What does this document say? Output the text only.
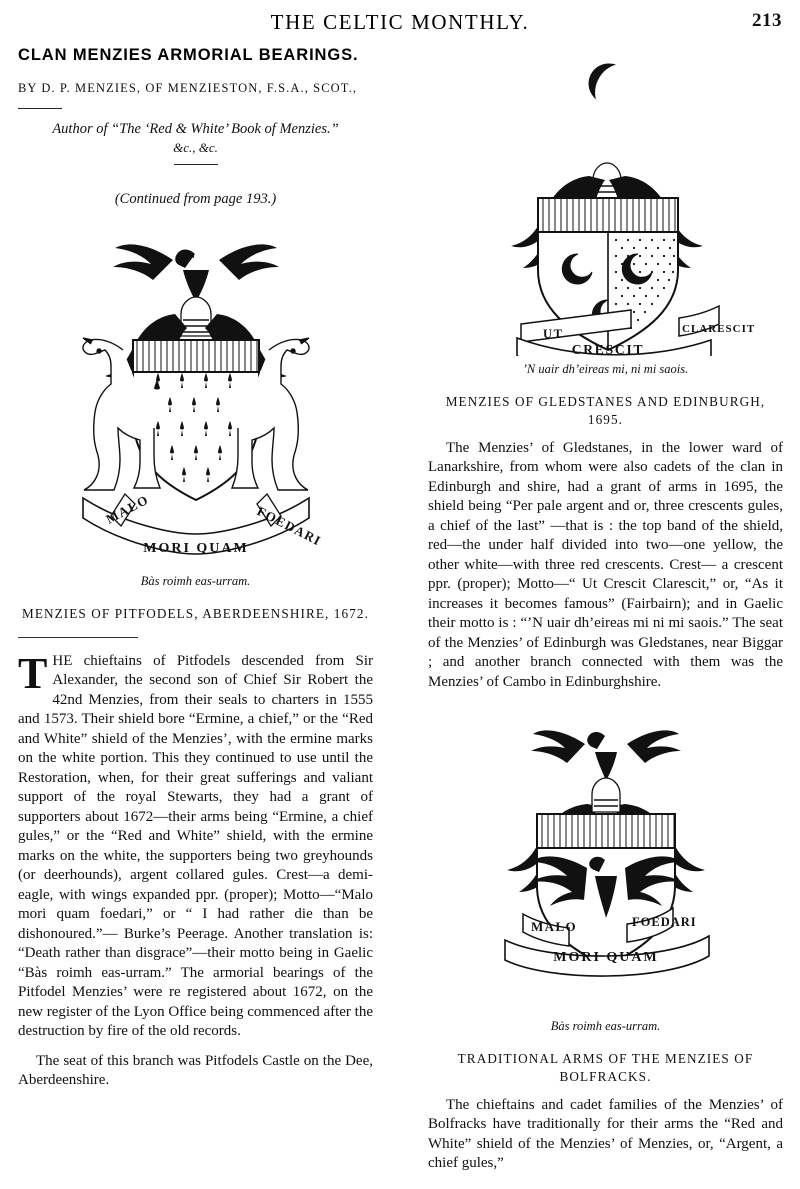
THE CELTIC MONTHLY.	213
CLAN MENZIES ARMORIAL BEARINGS.
BY D. P. MENZIES, OF MENZIESTON, F.S.A., SCOT.,
Author of “The ‘Red & White’ Book of Menzies.”
&c., &c.
(Continued from page 193.)
MALO	FOEDARI
MORI QUAM
Bàs roimh eas-urram.
MENZIES OF PITFODELS, ABERDEENSHIRE, 1672.

THE chieftains of Pitfodels descended from Sir Alexander, the second son of Chief Sir Robert the 42nd Menzies, from their seals to charters in 1555 and 1573. Their shield bore “Ermine, a chief,” or the “Red and White” shield of the Menzies’, with the ermine marks on the white portion. This they continued to use until the Restoration, when, for their great sufferings and valiant support of the royal Stewarts, they had a grant of supporters about 1672—their arms being “Ermine, a chief gules,” or the “Red and White” shield, with the ermine marks on the white, the supporters being two greyhounds (or deerhounds), argent collared gules. Crest—a demi-eagle, with wings expanded ppr. (proper); Motto—“Malo mori quam foedari,” or “ I had rather die than be dishonoured.”— Burke’s Peerage. Another translation is: “Death rather than disgrace”—their motto being in Gaelic “Bàs roimh eas-urram.” The armorial bearings of the Pitfodel Menzies’ were re registered about 1672, on the new register of the Lyon Office being commenced after the destruction by fire of the old records.

The seat of this branch was Pitfodels Castle on the Dee, Aberdeenshire.

UT
CRESCIT
CLARESCIT
’N uair dh’eireas mi, ni mi saois.
MENZIES OF GLEDSTANES AND EDINBURGH, 1695.

The Menzies’ of Gledstanes, in the lower ward of Lanarkshire, from whom were also cadets of the clan in Edinburgh and shire, had a grant of arms in 1695, the shield being “Per pale argent and or, three crescents gules, a chief of the last” —that is : the top band of the shield, red—the under half divided into two—one yellow, the other white—with three red crescents. Crest— a crescent ppr. (proper); Motto—“ Ut Crescit Clarescit,” or, “As it increases it becomes famous” (Fairbairn); and in Gaelic their motto is : “’N uair dh’eireas mi ni mi saois.” The seat of the Menzies’ of Edinburgh was Gledstanes, near Biggar ; and another branch connected with them was the Menzies’ of Cambo in Edinburghshire.

MALO	FOEDARI
MORI QUAM
Bàs roimh eas-urram.
TRADITIONAL ARMS OF THE MENZIES OF
BOLFRACKS.

The chieftains and cadet families of the Menzies’ of Bolfracks have traditionally for their arms the “Red and White” shield of the Menzies’ of Menzies, or, “Argent, a chief gules,”
